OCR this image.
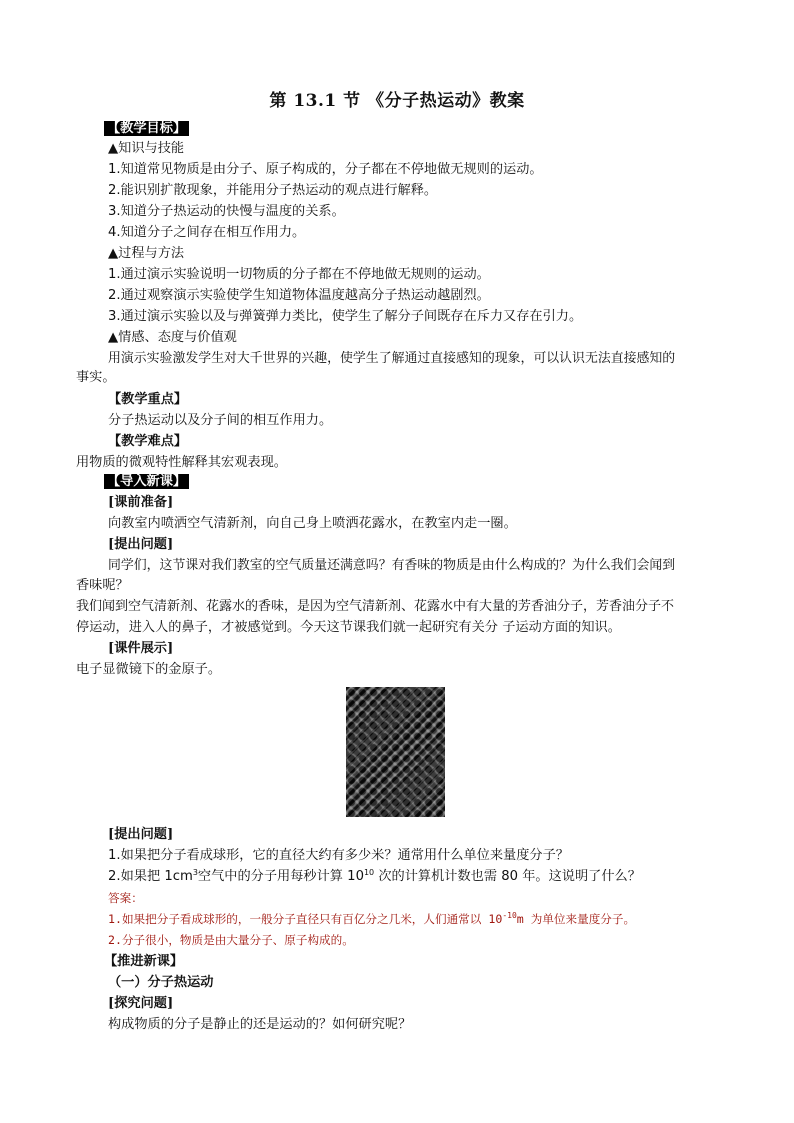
第 13.1 节 《分子热运动》教案
【教学目标】
▲知识与技能
1.知道常见物质是由分子、原子构成的，分子都在不停地做无规则的运动。
2.能识别扩散现象，并能用分子热运动的观点进行解释。
3.知道分子热运动的快慢与温度的关系。
4.知道分子之间存在相互作用力。
▲过程与方法
1.通过演示实验说明一切物质的分子都在不停地做无规则的运动。
2.通过观察演示实验使学生知道物体温度越高分子热运动越剧烈。
3.通过演示实验以及与弹簧弹力类比，使学生了解分子间既存在斥力又存在引力。
▲情感、态度与价值观
用演示实验激发学生对大千世界的兴趣，使学生了解通过直接感知的现象，可以认识无法直接感知的
事实。
【教学重点】
分子热运动以及分子间的相互作用力。
【教学难点】
用物质的微观特性解释其宏观表现。
【导入新课】
[课前准备]
向教室内喷洒空气清新剂，向自己身上喷洒花露水，在教室内走一圈。
[提出问题]
同学们，这节课对我们教室的空气质量还满意吗？有香味的物质是由什么构成的？为什么我们会闻到
香味呢？
我们闻到空气清新剂、花露水的香味，是因为空气清新剂、花露水中有大量的芳香油分子，芳香油分子不
停运动，进入人的鼻子，才被感觉到。今天这节课我们就一起研究有关分 子运动方面的知识。
[课件展示]
电子显微镜下的金原子。
[提出问题]
1.如果把分子看成球形，它的直径大约有多少米？通常用什么单位来量度分子？
2.如果把 $1cm^3$空气中的分子用每秒计算 $10^{10}$ 次的计算机计数也需 80 年。这说明了什么？
答案：
1.如果把分子看成球形的，一般分子直径只有百亿分之几米，人们通常以 $10^{-10}m$ 为单位来量度分子。
2.分子很小，物质是由大量分子、原子构成的。
【推进新课】
（一）分子热运动
[探究问题]
构成物质的分子是静止的还是运动的？如何研究呢？
